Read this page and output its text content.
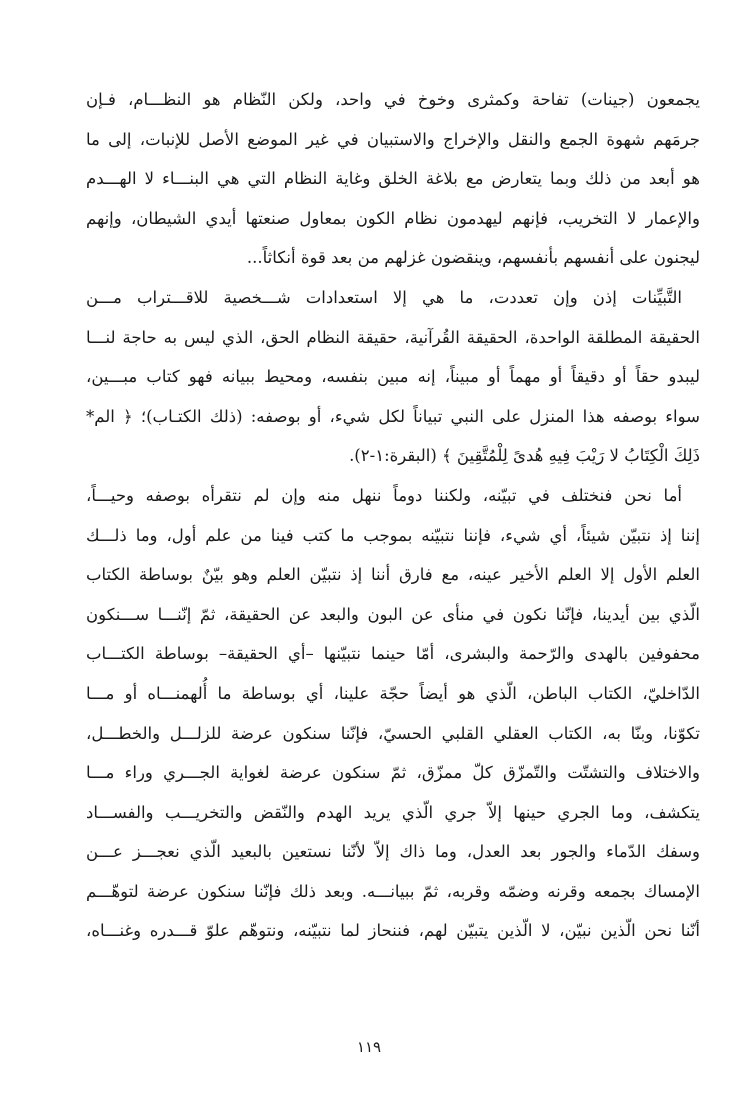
يجمعون (جينات) تفاحة وكمثرى وخوخ في واحد، ولكن النّظام هو النظـــام، فـإن
جرمَهم شهوة الجمع والنقل والإخراج والاستبيان في غير الموضع الأصل للإنبات، إلى ما
هو أبعد من ذلك وبما يتعارض مع بلاغة الخلق وغاية النظام التي هي البنـــاء لا الهـــدم
والإعمار لا التخريب، فإنهم ليهدمون نظام الكون بمعاول صنعتها أيدي الشيطان، وإنهم
ليجنون على أنفسهم بأنفسهم، وينقضون غزلهم من بعد قوة أنكاثاً...
التَّبيِّنات إذن وإن تعددت، ما هي إلا استعدادات شـــخصية للاقـــتراب مـــن
الحقيقة المطلقة الواحدة، الحقيقة القُرآنية، حقيقة النظام الحق، الذي ليس به حاجة لنـــا
ليبدو حقاً أو دقيقاً أو مهماً أو مبيناً، إنه مبين بنفسه، ومحيط ببيانه فهو كتاب مبـــين،
سواء بوصفه هذا المنزل على النبي تبياناً لكل شيء، أو بوصفه: (ذلك الكتـاب)؛ ﴿ الم*
ذَلِكَ الْكِتَابُ لا رَيْبَ فِيهِ هُدىً لِلْمُتَّقِينَ ﴾ (البقرة:١-٢).
أما نحن فنختلف في تبيّنه، ولكننا دوماً ننهل منه وإن لم نتقرأه بوصفه وحيـــاً،
إننا إذ نتبيّن شيئاً، أي شيء، فإننا نتبيّنه بموجب ما كتب فينا من علم أول، وما ذلـــك
العلم الأول إلا العلم الأخير عينه، مع فارق أننا إذ نتبيّن العلم وهو بيّنٌ بوساطة الكتاب
الّذي بين أيدينا، فإنّنا نكون في منأى عن البون والبعد عن الحقيقة، ثمّ إنّنـــا ســـنكون
محفوفين بالهدى والرّحمة والبشرى، أمّا حينما نتبيّنها –أي الحقيقة– بوساطة الكتـــاب
الدّاخليّ، الكتاب الباطن، الّذي هو أيضاً حجّة علينا، أي بوساطة ما أُلهمنـــاه أو مـــا
تكوّنا، وبنّا به، الكتاب العقلي القلبي الحسيّ، فإنّنا سنكون عرضة للزلـــل والخطـــل،
والاختلاف والتشتّت والتّمزّق كلّ ممزّق، ثمّ سنكون عرضة لغواية الجـــري وراء مـــا
يتكشف، وما الجري حينها إلاّ جري الّذي يريد الهدم والنّقض والتخريـــب والفســـاد
وسفك الدّماء والجور بعد العدل، وما ذاك إلاّ لأنّنا نستعين بالبعيد الّذي نعجـــز عـــن
الإمساك بجمعه وقرنه وضمّه وقربه، ثمّ ببيانـــه. وبعد ذلك فإنّنا سنكون عرضة لتوهّـــم
أنّنا نحن الّذين نبيّن، لا الّذين يتبيّن لهم، فننحاز لما نتبيّنه، ونتوهّم علوّ قـــدره وغنـــاه،
١١٩
